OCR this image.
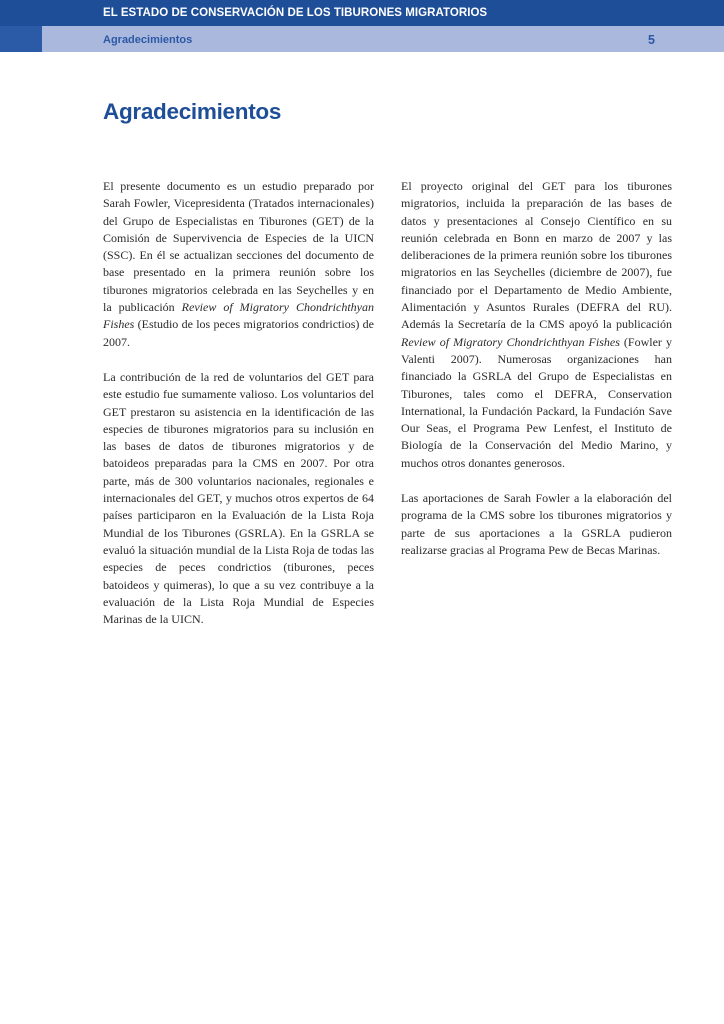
EL ESTADO DE CONSERVACIÓN DE LOS TIBURONES MIGRATORIOS
Agradecimientos	5
Agradecimientos

El presente documento es un estudio preparado por Sarah Fowler, Vicepresidenta (Tratados internacionales) del Grupo de Especialistas en Tiburones (GET) de la Comisión de Supervivencia de Especies de la UICN (SSC). En él se actualizan secciones del documento de base presentado en la primera reunión sobre los tiburones migratorios celebrada en las Seychelles y en la publicación Review of Migratory Chondrichthyan Fishes (Estudio de los peces migratorios condrictios) de 2007.

La contribución de la red de voluntarios del GET para este estudio fue sumamente valioso. Los voluntarios del GET prestaron su asistencia en la identificación de las especies de tiburones migratorios para su inclusión en las bases de datos de tiburones migratorios y de batoideos preparadas para la CMS en 2007. Por otra parte, más de 300 voluntarios nacionales, regionales e internacionales del GET, y muchos otros expertos de 64 países participaron en la Evaluación de la Lista Roja Mundial de los Tiburones (GSRLA). En la GSRLA se evaluó la situación mundial de la Lista Roja de todas las especies de peces condrictios (tiburones, peces batoideos y quimeras), lo que a su vez contribuye a la evaluación de la Lista Roja Mundial de Especies Marinas de la UICN.

El proyecto original del GET para los tiburones migratorios, incluida la preparación de las bases de datos y presentaciones al Consejo Científico en su reunión celebrada en Bonn en marzo de 2007 y las deliberaciones de la primera reunión sobre los tiburones migratorios en las Seychelles (diciembre de 2007), fue financiado por el Departamento de Medio Ambiente, Alimentación y Asuntos Rurales (DEFRA del RU). Además la Secretaría de la CMS apoyó la publicación Review of Migratory Chondrichthyan Fishes (Fowler y Valenti 2007). Numerosas organizaciones han financiado la GSRLA del Grupo de Especialistas en Tiburones, tales como el DEFRA, Conservation International, la Fundación Packard, la Fundación Save Our Seas, el Programa Pew Lenfest, el Instituto de Biología de la Conservación del Medio Marino, y muchos otros donantes generosos.

Las aportaciones de Sarah Fowler a la elaboración del programa de la CMS sobre los tiburones migratorios y parte de sus aportaciones a la GSRLA pudieron realizarse gracias al Programa Pew de Becas Marinas.
